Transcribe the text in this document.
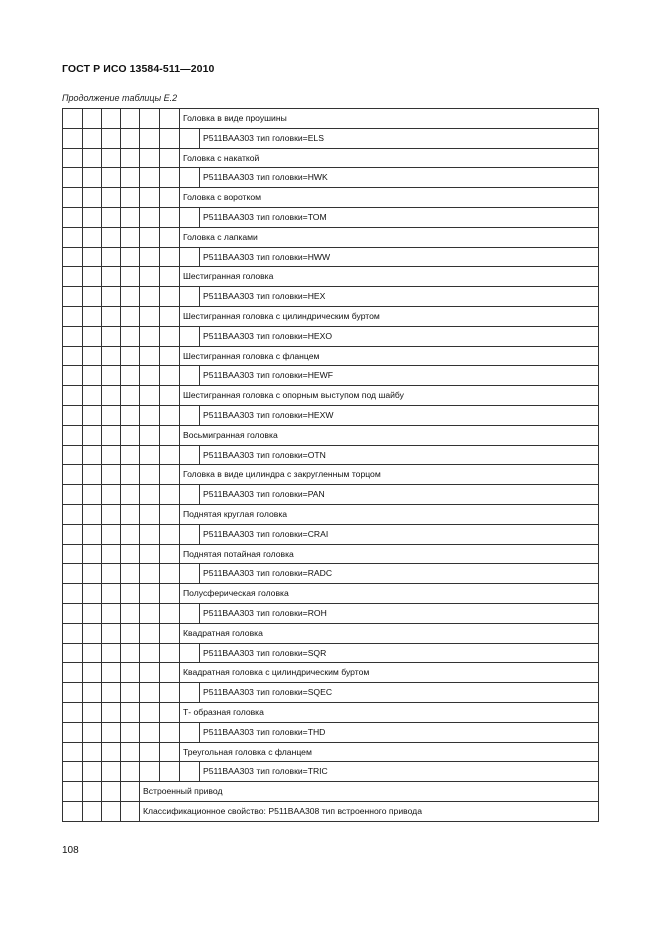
ГОСТ Р ИСО 13584-511—2010
Продолжение таблицы Е.2
						Головка в виде проушины	
							P511BAA303 тип головки=ELS
						Головка с накаткой	
							P511BAA303 тип головки=HWK
						Головка с воротком	
							P511BAA303 тип головки=TOM
						Головка с лапками	
							P511BAA303 тип головки=HWW
						Шестигранная головка	
							P511BAA303 тип головки=HEX
						Шестигранная головка с цилиндрическим буртом	
							P511BAA303 тип головки=HEXO
						Шестигранная головка с фланцем	
							P511BAA303 тип головки=HEWF
						Шестигранная головка с опорным выступом под шайбу	
							P511BAA303 тип головки=HEXW
						Восьмигранная головка	
							P511BAA303 тип головки=OTN
						Головка в виде цилиндра с закругленным торцом	
							P511BAA303 тип головки=PAN
						Поднятая круглая головка	
							P511BAA303 тип головки=CRAI
						Поднятая потайная головка	
							P511BAA303 тип головки=RADC
						Полусферическая головка	
							P511BAA303 тип головки=ROH
						Квадратная головка	
							P511BAA303 тип головки=SQR
						Квадратная головка с цилиндрическим буртом	
							P511BAA303 тип головки=SQEC
						Т- образная головка	
							P511BAA303 тип головки=THD
						Треугольная головка с фланцем	
							P511BAA303 тип головки=TRIC
				Встроенный привод			
				Классификационное свойство: P511BAA308 тип встроенного привода			
108
